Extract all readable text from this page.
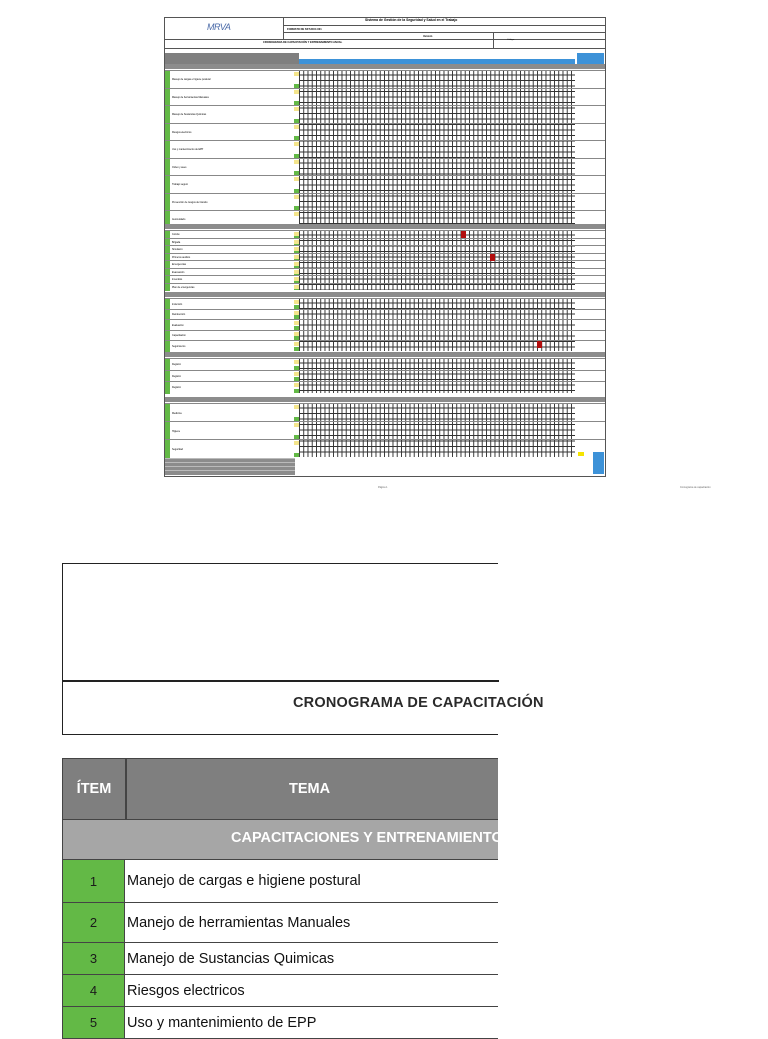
MRVA
Sistema de Gestión de la Seguridad y Salud en el Trabajo
FORMATO DE SST-DOC-001
Versión
Código:
CRONOGRAMA DE CAPACITACIÓN Y ENTRENAMIENTO ANUAL
Manejo de cargas e higiene postural
Manejo de herramientas Manuales
Manejo de Sustancias Quimicas
Riesgos electricos
Uso y mantenimiento de EPP
Orden y aseo
Trabajo seguro
Prevención de riesgos de tránsito
Autocuidado
Comité
Brigada
Simulacro
Primeros auxilios
Emergencias
Evacuación
Incendios
Plan de emergencias
Inducción
Reinducción
Evaluación
Capacitación
Seguimiento
Registro
Registro
Registro
Medicina
Higiene
Seguridad
Página 1	Cronograma de capacitación
CRONOGRAMA DE CAPACITACIÓN
ÍTEM	TEMA
CAPACITACIONES Y ENTRENAMIENTO
1	Manejo de cargas e higiene postural
2	Manejo de herramientas Manuales
3	Manejo de Sustancias Quimicas
4	Riesgos electricos
5	Uso y mantenimiento de EPP
